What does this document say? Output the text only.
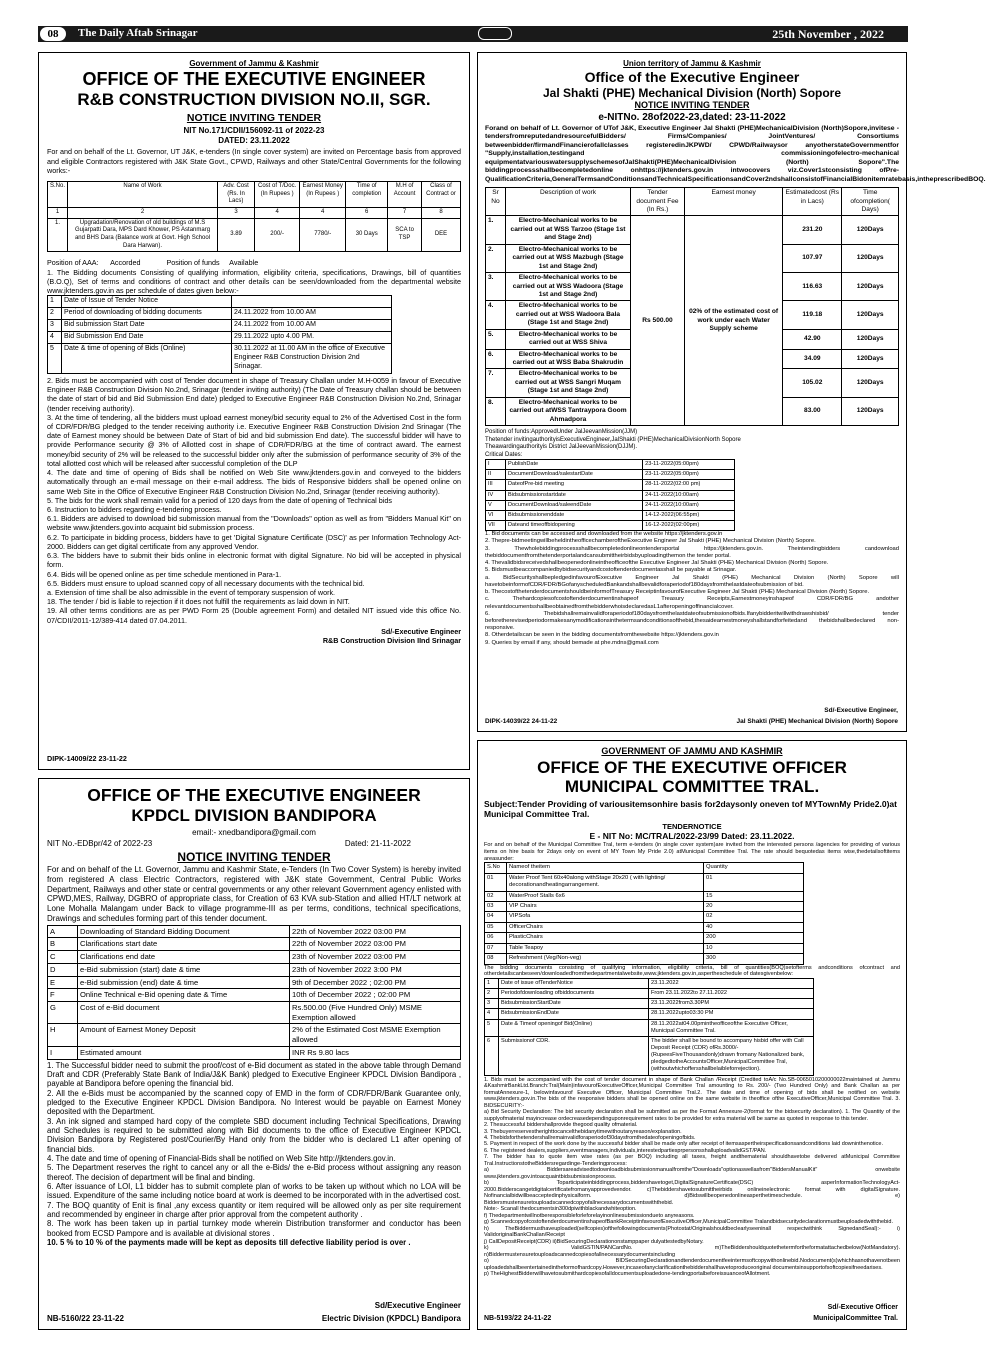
08	The Daily Aftab Srinagar	25th November , 2022
Government of Jammu & Kashmir
OFFICE OF THE EXECUTIVE ENGINEER
R&B CONSTRUCTION DIVISION NO.II, SGR.
NOTICE INVITING TENDER
NIT No.171/CDII/156092-11 of 2022-23
DATED: 23.11.2022
For and on behalf of the Lt. Governor, UT J&K, e-tenders (In single cover system) are invited on Percentage basis from approved and eligible Contractors registered with J&K State Govt., CPWD, Railways and other State/Central Governments for the following works:-
S.No.	Name of Work	Adv. Cost (Rs. In Lacs)	Cost of T/Doc. (In Rupees )	Earnest Money (In Rupees )	Time of completion	M.H of Account	Class of Contract or
1	2	3	4	4	6	7	8
1.	Upgradation/Renovation of old buildings of M.S Gujarpatti Dara, MPS Dard Khower, PS Astanmarg and BHS Dara (Balance work at Govt. High School Dara Harwan).	3.89	200/-	7780/-	30 Days	SCA to TSP	DEE
Position of AAA:      Accorded             Position of funds     Available
1. The Bidding documents Consisting of qualifying information, eligibility criteria, specifications, Drawings, bill of quantities (B.O.Q), Set of terms and conditions of contract and other details can be seen/downloaded from the departmental website www.jktenders.gov.in as per schedule of dates given below:-
1	Date of Issue of Tender Notice	
2	Period of downloading of bidding documents	24.11.2022 from 10.00 AM
3	Bid submission Start Date	24.11.2022 from 10.00 AM
4	Bid Submission End Date	29.11.2022 upto 4.00 PM.
5	Date & time of opening of Bids (Online)	30.11.2022 at 11.00 AM in the office of Executive Engineer R&B Construction Division 2nd Srinagar.
2. Bids must be accompanied with cost of Tender document in shape of Treasury Challan under M.H-0059 in favour of Executive Engineer R&B Construction Division No.2nd, Srinagar (tender inviting authority) (The Date of Treasury challan should be between the date of start of bid and Bid Submission End date) pledged to Executive Engineer R&B Construction Division No.2nd, Srinagar (tender receiving authority).
3. At the time of tendering, all the bidders must upload earnest money/bid security equal to 2% of the Advertised Cost in the form of CDR/FDR/BG pledged to the tender receiving authority i.e. Executive Engineer R&B Construction Division 2nd Srinagar (The date of Earnest money should be between Date of Start of bid and bid submission End date). The successful bidder will have to provide Performance security @ 3% of Allotted cost in shape of CDR/FDR/BG at the time of contract award. The earnest money/bid security of 2% will be released to the successful bidder only after the submission of performance security of 3% of the total allotted cost which will be released after successful completion of the DLP
4. The date and time of opening of Bids shall be notified on Web Site www.jktenders.gov.in and conveyed to the bidders automatically through an e-mail message on their e-mail address. The bids of Responsive bidders shall be opened online on same Web Site in the Office of Executive Engineer R&B Construction Division No.2nd, Srinagar (tender receiving authority).
5. The bids for the work shall remain valid for a period of 120 days from the date of opening of Technical bids
6. Instruction to bidders regarding e-tendering process.
6.1. Bidders are advised to download bid submission manual from the "Downloads" option as well as from "Bidders Manual Kit" on website www.jktenders.gov.into acquaint bid submission process.
6.2. To participate in bidding process, bidders have to get 'Digital Signature Certificate (DSC)' as per Information Technology Act-2000. Bidders can get digital certificate from any approved Vendor.
6.3. The bidders have to submit their bids online in electronic format with digital Signature. No bid will be accepted in physical form.
6.4. Bids will be opened online as per time schedule mentioned in Para-1.
6.5. Bidders must ensure to upload scanned copy of all necessary documents with the technical bid.
a. Extension of time shall be also admissible in the event of temporary suspension of work.
18. The tender / bid is liable to rejection if it does not fulfill the requirements as laid down in NIT.
19. All other terms conditions are as per PWD Form 25 (Double agreement Form) and detailed NIT issued vide this office No. 07/CDII/2011-12/389-414 dated 07.04.2011.
Sd/-Executive Engineer
R&B Construction Division IInd Srinagar
DIPK-14009/22 23-11-22
Union territory of Jammu & Kashmir
Office of the Executive Engineer
Jal Shakti (PHE) Mechanical Division (North) Sopore
NOTICE INVITING TENDER
e-NITNo. 28of2022-23,dated: 23-11-2022
Forand on behalf of Lt. Governor of UTof J&K, Executive Engineer Jal Shakti (PHE)MechanicalDivision (North)Sopore,invitese -tendersfromreputedandresourcefulBidders/ Firms/Companies/ JointVentures/ Consortiums betweenbidder/firmandFinancierofallclasses registeredinJKPWD/ CPWD/Railwaysor anyotherstateGovernmentfor "Supply,installation,testingand commissioningofelectro-mechanical equipmentatvariouswatersupplyschemesofJalShakti(PHE)MechanicalDivision (North) Sopore".The biddingprocessshallbecompletedonline onhttps://jktenders.gov.in intwocovers viz.Cover1stconsisting ofPre-QualificationCriteria,GeneralTermsandConditionsandTechnicalSpecificationsandCover2ndshallconsistofFinancialBidonitemratebasis,intheprescribedBOQ.
Sr No	Description of work	Tender document Fee (In Rs.)	Earnest money	Estimatedcost (Rs in Lacs)	Time ofcompletion( Days)
1.	Electro-Mechanical works to be carried out at WSS Tarzoo (Stage 1st and Stage 2nd)	Rs 500.00	02% of the estimated cost of work under each Water Supply scheme	231.20	120Days
2.	Electro-Mechanical works to be carried out at WSS Mazbugh (Stage 1st and Stage 2nd)			107.97	120Days
3.	Electro-Mechanical works to be carried out at WSS Wadoora (Stage 1st and Stage 2nd)			116.63	120Days
4.	Electro-Mechanical works to be carried out at WSS Wadoora Bala (Stage 1st and Stage 2nd)			119.18	120Days
5.	Electro-Mechanical works to be carried out at WSS Shiva			42.90	120Days
6.	Electro-Mechanical works to be carried out at WSS Baba Shakrudin			34.09	120Days
7.	Electro-Mechanical works to be carried out at WSS Sangri Muqam (Stage 1st and Stage 2nd)			105.02	120Days
8.	Electro-Mechanical works to be carried out atWSS Tantraypora Goom Ahmadpora			83.00	120Days
Position of funds:ApprovedUnder JalJeevanMission(JJM)
Thetender invitingauthorityisExecutiveEngineer,JalShakti (PHE)MechanicalDivisionNorth Sopore
Theawardingauthorityis District JalJeevanMission(DJJM).
Critical Dates:
I	PublishDate	23-11-2022(05:00pm)
II	DocumentDownload/salestartDate	23-11-2022(05:00pm)
III	DateofPre-bid meeting	28-11-2022(02:00 pm)
IV	Bidsubmissionstartdate	24-11-2022(10:00am)
V	DocumentDownload/saleendDate	24-11-2022(10:00am)
VI	Bidsubmissionenddate	14-12-2022(06:55pm)
VII	Dateand timeoffbidopening	16-12-2022(02:00pm)
1. Bid documents can be accessed and downloaded from the website https://jktenders.gov.in
2. Thepre-bidmeetingwillbeheldintheofficechamberoftheExecutive Engineer Jal Shakti (PHE) Mechanical Division (North) Sopore.
3. Thewholebiddingprocessshallbecompletedonlineontendersportal https://jktenders.gov.in. Theintendingbidders candownload thebiddocumentfromthetenderportalandcansubmittheirbidsbyuploadingthemon the tender portal.
4. Thevalidbidsreceivedshallbeopenedonlineintheofficeofthe Executive Engineer Jal Shakti (PHE) Mechanical Division (North) Sopore.
5. Bidsmustbeaccompaniedbybidsecurityandcostoftenderdocumentasshall be payable at Srinagar.
a. BidSecurityshallbepledgedinfavourofExecutive Engineer Jal Shakti (PHE) Mechanical Division (North) Sopore will havetobeinformofCDR/FDR/BGofanyscheduledBankandshallbevalidforaperiodof180daysfromthelastdateofsubmission of bid.
b. ThecostofthetenderdocumentshouldbeinformofTreasury ReceiptinfavourofExecutive Engineer Jal Shakti (PHE) Mechanical Division (North) Sopore.
c. Thehardcopiesofcostoftenderdocumentinshapeof Treasury Receipts,Earnestmoneyinshapeof CDR/FDR/BG andother relevantdocumentsshallbeobtainedfromthebidderwhoisdeclaredasL1afteropeningoffinancialcover.
6. Thebidshallremainvalidforaperiodof180daysfromthelastdateofsubmissionofbids.Ifanybidderitwillwithdrawshisbid/ tender beforetherevisedperiodormakesanymodificationsinthetermsandconditionsofthebid,thesaidearnestmoneyshallstandforfeitedand thebidshallbedeclared non-responsive.
8. Otherdetailscan be seen in the bidding documentsfromthewebsite https://jktenders.gov.in
9. Queries by email if any, should bemade at phe.mdns@gmail.com
Sd/-Executive Engineer,
DIPK-14039/22 24-11-22	Jal Shakti (PHE) Mechanical Division (North) Sopore
OFFICE OF THE EXECUTIVE ENGINEER
KPDCL DIVISION BANDIPORA
email:- xnedbandipora@gmail.com
NIT No.-EDBpr/42 of 2022-23	Dated: 21-11-2022
NOTICE INVITING TENDER
For and on behalf of the Lt. Governor, Jammu and Kashmir State, e-Tenders (In Two Cover System) is hereby invited from registered A class Electric Contractors, registered with J&K state Government, Central Public Works Department, Railways and other state or central governments or any other relevant Government agency enlisted with CPWD,MES, Railway, DGBRO of appropriate class, for Creation of 63 KVA sub-Station and allied HT/LT network at Lone Mohalla Malangam under Back to village programme-III as per terms, conditions, technical specifications, Drawings and schedules forming part of this tender document.
A	Downloading of Standard Bidding Document	22th of November 2022 03:00 PM
B	Clarifications start date	22th of November 2022 03:00 PM
C	Clarifications end date	23th of November 2022 03:00 PM
D	e-Bid submission (start) date & time	23th of November 2022 3:00 PM
E	e-Bid submission (end) date & time	9th of December 2022 ; 02:00 PM
F	Online Technical e-Bid opening date & Time	10th of December 2022 ; 02:00 PM
G	Cost of e-Bid document	Rs.500.00 (Five Hundred Only) MSME Exemption allowed
H	Amount of Earnest Money Deposit	2% of the Estimated Cost MSME Exemption allowed
I	Estimated amount	INR Rs 9.80 lacs
1. The Successful bidder need to submit the proof/cost of e-Bid document as stated in the above table through Demand Draft and CDR (Preferably State Bank of India/J&K Bank) pledged to Executive Engineer KPDCL Division Bandipora , payable at Bandipora before opening the financial bid.
2. All the e-Bids must be accompanied by the scanned copy of EMD in the form of CDR/FDR/Bank Guarantee only, pledged to the Executive Engineer KPDCL Division Bandipora. No Interest would be payable on Earnest Money deposited with the Department.
3. An ink signed and stamped hard copy of the complete SBD document including Technical Specifications, Drawing and Schedules is required to be submitted along with Bid documents to the office of Executive Engineer KPDCL Division Bandipora by Registered post/Courier/By Hand only from the bidder who is declared L1 after opening of financial bids.
4. The date and time of opening of Financial-Bids shall be notified on Web Site http://jktenders.gov.in.
5. The Department reserves the right to cancel any or all the e-Bids/ the e-Bid process without assigning any reason thereof. The decision of department will be final and binding.
6. After issuance of LOI, L1 bidder has to submit complete plan of works to be taken up without which no LOA will be issued. Expenditure of the same including notice board at work is deemed to be incorporated with in the advertised cost.
7. The BOQ quantity of Enit is final ,any excess quantity or item required will be allowed only as per site requirement and recommended by engineer in charge after prior approval from the competent authority .
8. The work has been taken up in partial turnkey mode wherein Distribution transformer and conductor has been booked from ECSD Pampore and is available at divisional stores .
10. 5 % to 10 % of the payments made will be kept as deposits till defective liability period is over .
Sd/Executive Engineer
NB-5160/22 23-11-22	Electric Division (KPDCL) Bandipora
GOVERNMENT OF JAMMU AND KASHMIR
OFFICE OF THE EXECUTIVE OFFICER
MUNICIPAL COMMITTEE TRAL.
Subject:Tender Providing of variousitemsonhire basis for2daysonly oneven tof MYTownMy Pride2.0)at Municipal Committee Tral.
TENDERNOTICE
E - NIT No: MC/TRAL/2022-23/99 Dated: 23.11.2022.
For and on behalf of the Municipal Committee Tral, term e-tenders (in single cover system)are invited from the interested persons /agencies for providing of various items on hire basis for 2days only on event of MY Town My Pride 2.0) atMunicipal Committee Tral. The rate should bequotedas items wise,thedetailsoftitems areasunder:
S.No	Nameof theitem	Quantity
01	Water Proof Tent 60x40along withStage 20x20 ( with lighting/ decorationandheatingarrangement.	01
02	WaterProof Stalls 6x6	15
03	VIP Chairs	20
04	VIPSofa	02
05	OfficerChairs	40
06	PlasticChairs	200
07	Table Teapoy	10
08	Refreshment (Veg/Non-veg)	300
The bidding documents consisting of qualifying information, eligibility criteria, bill of quantities(BOQ)setofterms andconditions ofcontract and otherdetailscanbeseen/downloadedfromthedepartmentalwebsite,www.jktenders.gov.in,aspertheschedule of datesgivenbelow:
1	Date of issue ofTenderNotice	23.11.2022
2	Periodofdownloading ofbiddocuments	From 23.11.2022to 27.11.2022
3	BidsubmissionStartDate	23.11.2022from3.30PM
4	BidsubmissionEndDate	28.11.2022upto03:30 PM
5	Date & Timeof openingof Bid(Online)	28.11.2022at04.00pmintheofficeofthe Executive Officer, Municipal Committee Tral.
6	Submissionof CDR.	The bidder shall be bound to accompany hisbid offer with Call Deposit Receipt (CDR) ofRs.3000/-(RupeesFiveThousandonly)drawn fromany Nationalized bank, pledgedtotheAccountsOfficer,MunicipalCommittee Tral,(withoutwhichoffersshallbelaibleforrejection).
1. Bids must be accompanied with the cost of tender document in shape of Bank Challan /Receipt (Credited toA/c No.SB-0065010200000022maintained at Jammu &KashmirBankLtd.Branch:Tral(Main)infavourofExecutiveOfficer,Municipal Committee Tral amounting to Rs. 200/- (Two Hundred Only) and Bank Challan as per formatAnnexure-1, belowinfavourof Executive Officer, Municipal Committee Tral.2. The date and time of opening of bids shall be notified on website www.jktenders.gov.in.The bids of the responsive bidders shall be opened online on the same website in theoffice ofthe ExecutiveOfficer,Municipal Committee Tral. 3. BIDSECURITY:-
a) Bid Security Declaration: The bid security declaration shall be submitted as per the Format Annexure-2(format for the bidsecurity declaration). 1. The Quantity of the supplyofmaterial mayincrease ordecreasedependinguponrequirement rates to be provided for extra material will be same as quoted in response to this tender.
2. Thesuccessful biddershallprovide thegood quality ofmaterial.
3. Thebuyerreservestherighttocancelthebidanytimewithoutanyreason/explanation.
4. Thebidsforthetendershallremainvalidforaperiodof30daysfromthedateofopeningofbids.
5. Payment in respect of the work done by the successful bidder shall be made only after receipt of itemsaspertheirspecificationsandconditions laid downinthenotice.
6. The registered dealers,suppliers,eventmanagers,individuals,interestedpartiesprpersonsshalluploadvalidGST/PAN.
7. The bidder has to quote item wise rates (as per BOQ) including all taxes, freight andthematerial shouldhavetobe delivered atMunicipal Committee Tral.InstructionstotheBiddersregardinge-Tenderingprocess:
a) Biddersareadvisedtodownloadbidsubmissionmanualfromthe"Downloads"optionaswellasfrom"BiddersManualKit" onwebsite www.jktenders.gov.intoacquaintbidsubmissionprocess.
b) Toparticipateinbiddingprocess,biddershavetoget,DigitalSignatureCertificate(DSC) asperInformationTechnologyAct-2000.Bidderscangetdigitalcertificatefromanyapprovedvendor. c)Thebiddershavetosubmittheirbids onlineinelectronic format with digitalSignature. Nofinancialbidwillbeacceptedinphysicalform. d)Bidswillbeopenedonlineasperthetimeschedule. e) Biddersmustensuretouploadscannedcopyofallnecessarydocumentswiththebid.
Note:- Scanall thedocumentsin300dpiwithblackandwhiteoption.
f) Thedepartmentwillnotberesponsibleforleforelayinonlinesubmissiondueto anyreasons.
g) ScannedcopyofcostoftenderdocumentinshapeofBankReceiptinfavourofExecutiveOfficer,MunicipalCommittee Tralandbidsecuritydeclarationmustbeuploadedwiththebid.
h) TheBiddermusthaveuploaded(selfcopies)ofthefollowingdocuments(Photostat/Originalshouldbeclearlyseeninall respectwithink SignedandSeal):- i) ValidoriginalBankChallan/Receipt
j) CallDepositReceipt(CDR) ii)BidSecuringDeclarationonstamppaper dulyattestedbyNotary.
k) ValidGSTIN/PANCardNo. m)TheBiddershouldquotethetermfortheformatattachedbelow(NotMandatory). n)Biddermustensuretouploadscannedcopiesofallnecessarydocumentsincluding
o) BIDSecuringDeclarationandtenderdocumentfeeintermsoftcopywithonlinebid.Nodocument(s)whichhasnothavenotbeen uploadedshallbeentertainedintheformofhardcopy.However,incaseofanyclarificationthebiddershallhavetoproduceoriginal documentsinsupportofsoftcopiesifneedarises.
p) TheHighestBidderwillhavetosubmithardcopiesofalldocumentsuploadedone-tendingportalbeforeissuanceofAllotment.
Sd/-Executive Officer
NB-5193/22 24-11-22	MunicipalCommittee Tral.
